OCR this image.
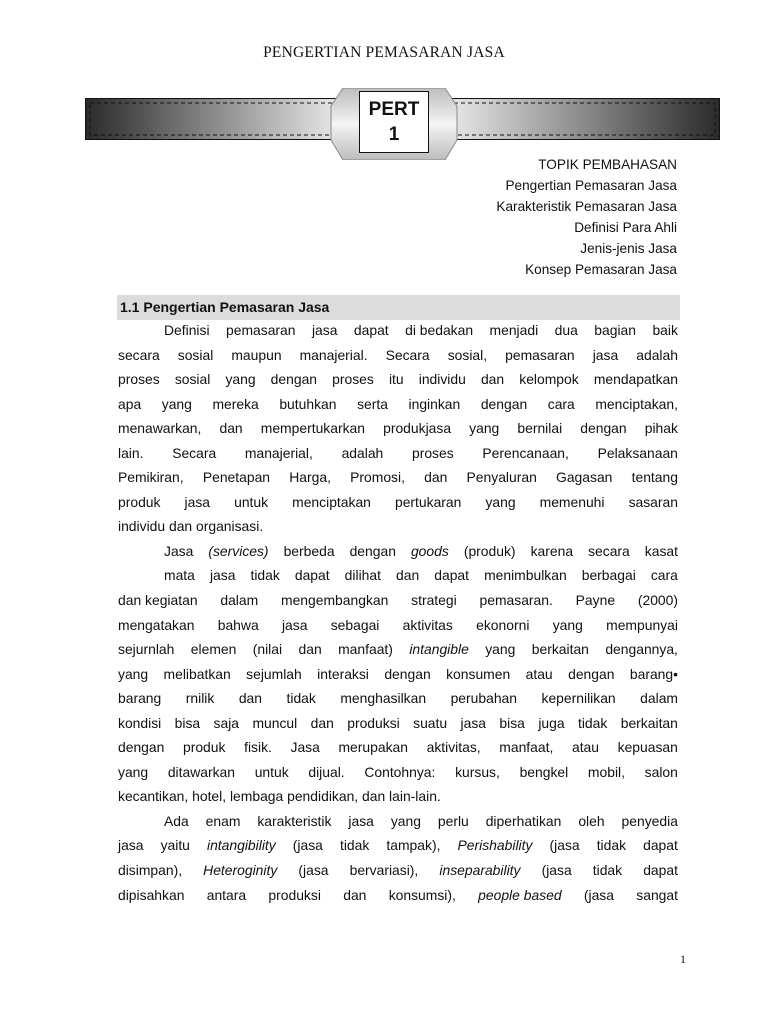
PENGERTIAN PEMASARAN JASA
PERT
1
TOPIK PEMBAHASAN
Pengertian Pemasaran Jasa
Karakteristik Pemasaran Jasa
Definisi Para Ahli
Jenis-jenis Jasa
Konsep Pemasaran Jasa
1.1 Pengertian Pemasaran Jasa
Definisi pemasaran jasa dapat di bedakan menjadi dua bagian baik
secara sosial maupun manajerial. Secara sosial, pemasaran jasa adalah
proses sosial yang dengan proses itu individu dan kelompok mendapatkan
apa yang mereka butuhkan serta inginkan dengan cara menciptakan,
menawarkan, dan mempertukarkan produkjasa yang bernilai dengan pihak
lain. Secara manajerial, adalah proses Perencanaan, Pelaksanaan
Pemikiran, Penetapan Harga, Promosi, dan Penyaluran Gagasan tentang
produk jasa untuk menciptakan pertukaran yang memenuhi sasaran
individu dan organisasi.
Jasa (services) berbeda dengan goods (produk) karena secara kasat
mata jasa tidak dapat dilihat dan dapat menimbulkan berbagai cara
dan kegiatan dalam mengembangkan strategi pemasaran. Payne (2000)
mengatakan bahwa jasa sebagai aktivitas ekonorni yang mempunyai
sejurnlah elemen (nilai dan manfaat) intangible yang berkaitan dengannya,
yang melibatkan sejumlah interaksi dengan konsumen atau dengan barang•
barang rnilik dan tidak menghasilkan perubahan kepernilikan dalam
kondisi bisa saja muncul dan produksi suatu jasa bisa juga tidak berkaitan
dengan produk fisik. Jasa merupakan aktivitas, manfaat, atau kepuasan
yang ditawarkan untuk dijual. Contohnya: kursus, bengkel mobil, salon
kecantikan, hotel, lembaga pendidikan, dan lain-lain.
Ada enam karakteristik jasa yang perlu diperhatikan oleh penyedia
jasa yaitu intangibility (jasa tidak tampak), Perishability (jasa tidak dapat
disimpan), Heteroginity (jasa bervariasi), inseparability (jasa tidak dapat
dipisahkan antara produksi dan konsumsi), people based (jasa sangat
1
